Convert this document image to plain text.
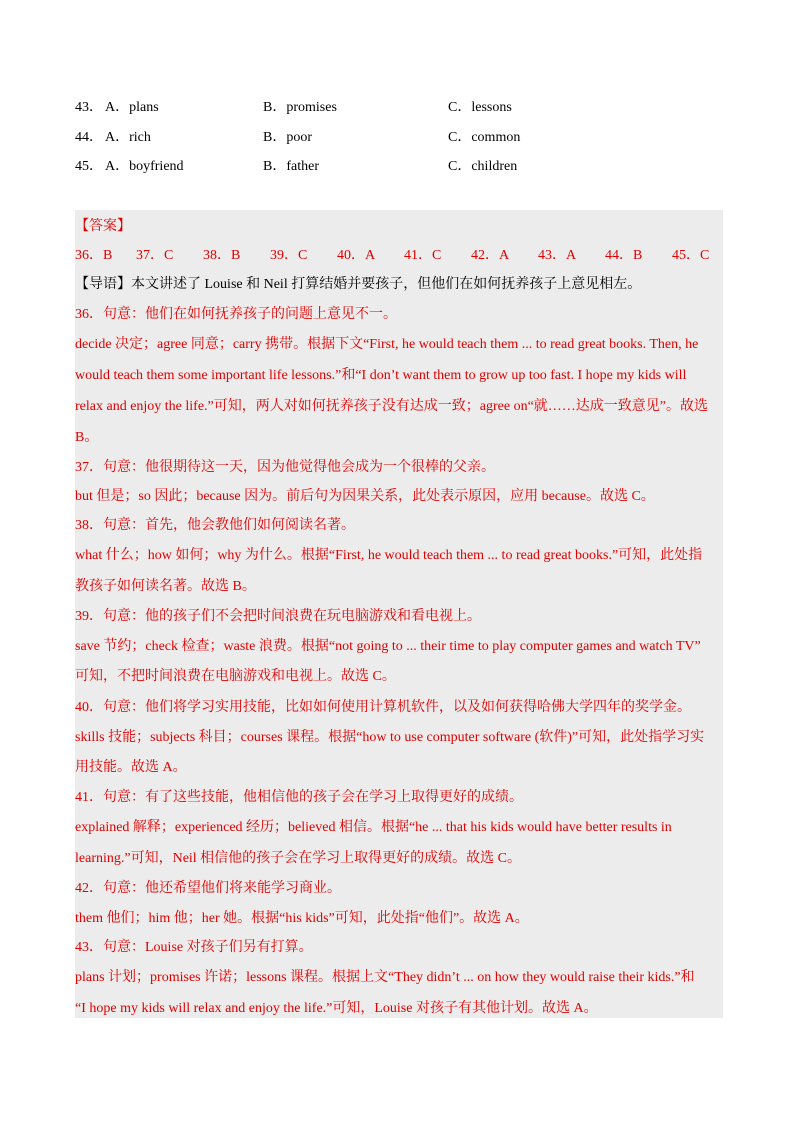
43． A．plans	B．promises	C．lessons
44． A．rich	B．poor	C．common
45． A．boyfriend	B．father	C．children
【答案】
36．B 37．C 38．B 39．C 40．A 41．C 42．A 43．A 44．B 45．C
【导语】本文讲述了 Louise 和 Neil 打算结婚并要孩子，但他们在如何抚养孩子上意见相左。
36．句意：他们在如何抚养孩子的问题上意见不一。
decide 决定；agree 同意；carry 携带。根据下文“First, he would teach them ... to read great books. Then, he
would teach them some important life lessons.”和“I don’t want them to grow up too fast. I hope my kids will
relax and enjoy the life.”可知，两人对如何抚养孩子没有达成一致；agree on“就……达成一致意见”。故选
B。
37．句意：他很期待这一天，因为他觉得他会成为一个很棒的父亲。
but 但是；so 因此；because 因为。前后句为因果关系，此处表示原因，应用 because。故选 C。
38．句意：首先，他会教他们如何阅读名著。
what 什么；how 如何；why 为什么。根据“First, he would teach them ... to read great books.”可知，此处指
教孩子如何读名著。故选 B。
39．句意：他的孩子们不会把时间浪费在玩电脑游戏和看电视上。
save 节约；check 检查；waste 浪费。根据“not going to ... their time to play computer games and watch TV”
可知，不把时间浪费在电脑游戏和电视上。故选 C。
40．句意：他们将学习实用技能，比如如何使用计算机软件，以及如何获得哈佛大学四年的奖学金。
skills 技能；subjects 科目；courses 课程。根据“how to use computer software (软件)”可知，此处指学习实
用技能。故选 A。
41．句意：有了这些技能，他相信他的孩子会在学习上取得更好的成绩。
explained 解释；experienced 经历；believed 相信。根据“he ... that his kids would have better results in
learning.”可知，Neil 相信他的孩子会在学习上取得更好的成绩。故选 C。
42．句意：他还希望他们将来能学习商业。
them 他们；him 他；her 她。根据“his kids”可知，此处指“他们”。故选 A。
43．句意：Louise 对孩子们另有打算。
plans 计划；promises 许诺；lessons 课程。根据上文“They didn’t ... on how they would raise their kids.”和
“I hope my kids will relax and enjoy the life.”可知，Louise 对孩子有其他计划。故选 A。
